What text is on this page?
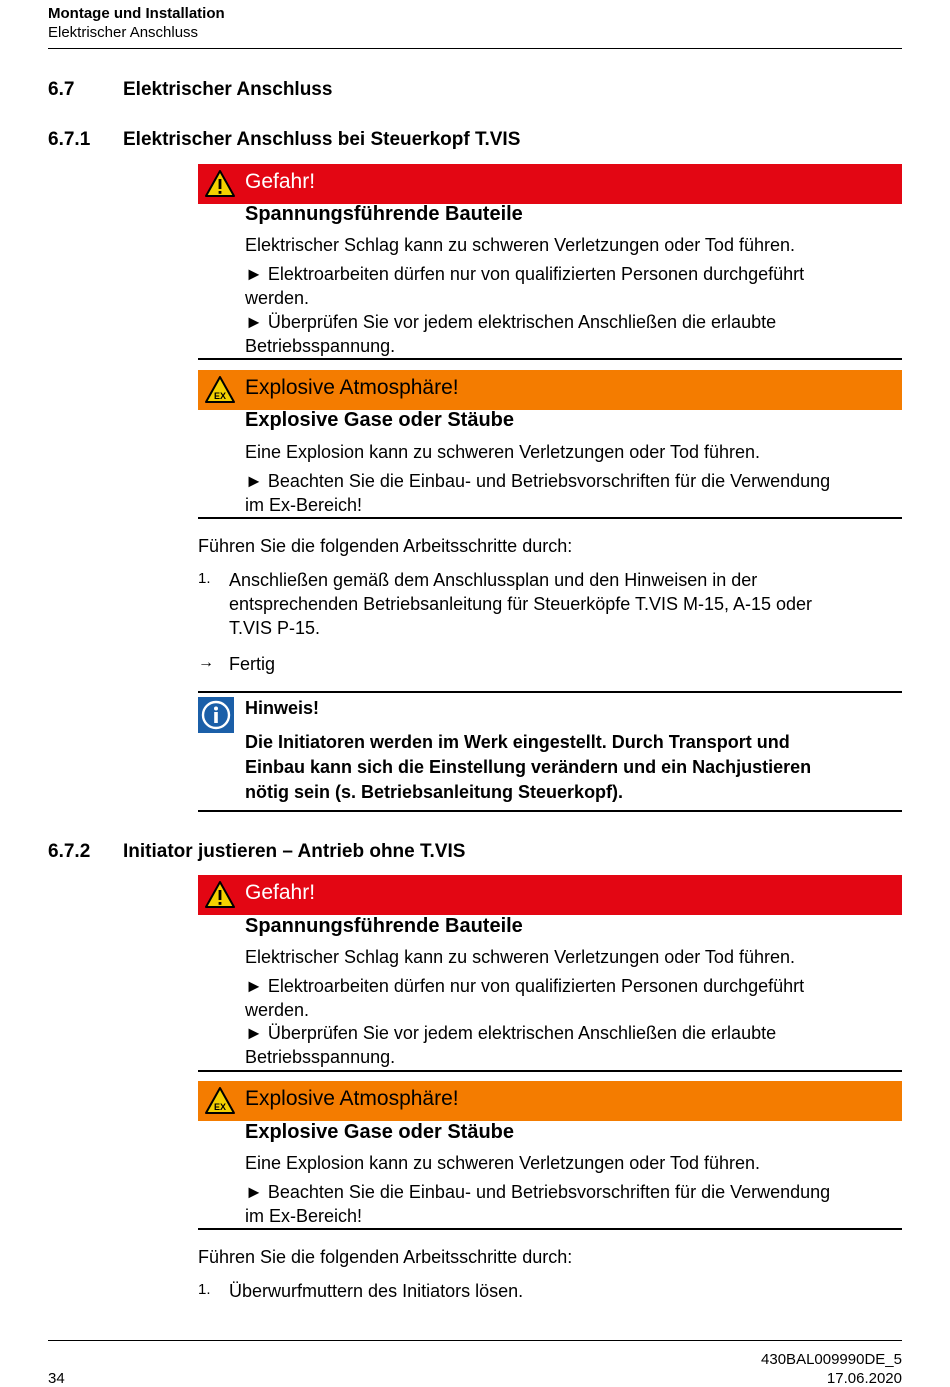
Montage und Installation
Elektrischer Anschluss
6.7	Elektrischer Anschluss
6.7.1 Elektrischer Anschluss bei Steuerkopf T.VIS
Gefahr!
Spannungsführende Bauteile
Elektrischer Schlag kann zu schweren Verletzungen oder Tod führen.
► Elektroarbeiten dürfen nur von qualifizierten Personen durchgeführt
werden.
► Überprüfen Sie vor jedem elektrischen Anschließen die erlaubte
Betriebsspannung.
EX Explosive Atmosphäre!
Explosive Gase oder Stäube
Eine Explosion kann zu schweren Verletzungen oder Tod führen.
► Beachten Sie die Einbau- und Betriebsvorschriften für die Verwendung
im Ex-Bereich!
Führen Sie die folgenden Arbeitsschritte durch:
1. Anschließen gemäß dem Anschlussplan und den Hinweisen in der
entsprechenden Betriebsanleitung für Steuerköpfe T.VIS M-15, A-15 oder
T.VIS P-15.
→ Fertig
Hinweis!
Die Initiatoren werden im Werk eingestellt. Durch Transport und
Einbau kann sich die Einstellung verändern und ein Nachjustieren
nötig sein (s. Betriebsanleitung Steuerkopf).
6.7.2 Initiator justieren – Antrieb ohne T.VIS
Gefahr!
Spannungsführende Bauteile
Elektrischer Schlag kann zu schweren Verletzungen oder Tod führen.
► Elektroarbeiten dürfen nur von qualifizierten Personen durchgeführt
werden.
► Überprüfen Sie vor jedem elektrischen Anschließen die erlaubte
Betriebsspannung.
EX Explosive Atmosphäre!
Explosive Gase oder Stäube
Eine Explosion kann zu schweren Verletzungen oder Tod führen.
► Beachten Sie die Einbau- und Betriebsvorschriften für die Verwendung
im Ex-Bereich!
Führen Sie die folgenden Arbeitsschritte durch:
1. Überwurfmuttern des Initiators lösen.
430BAL009990DE_5
34	17.06.2020
